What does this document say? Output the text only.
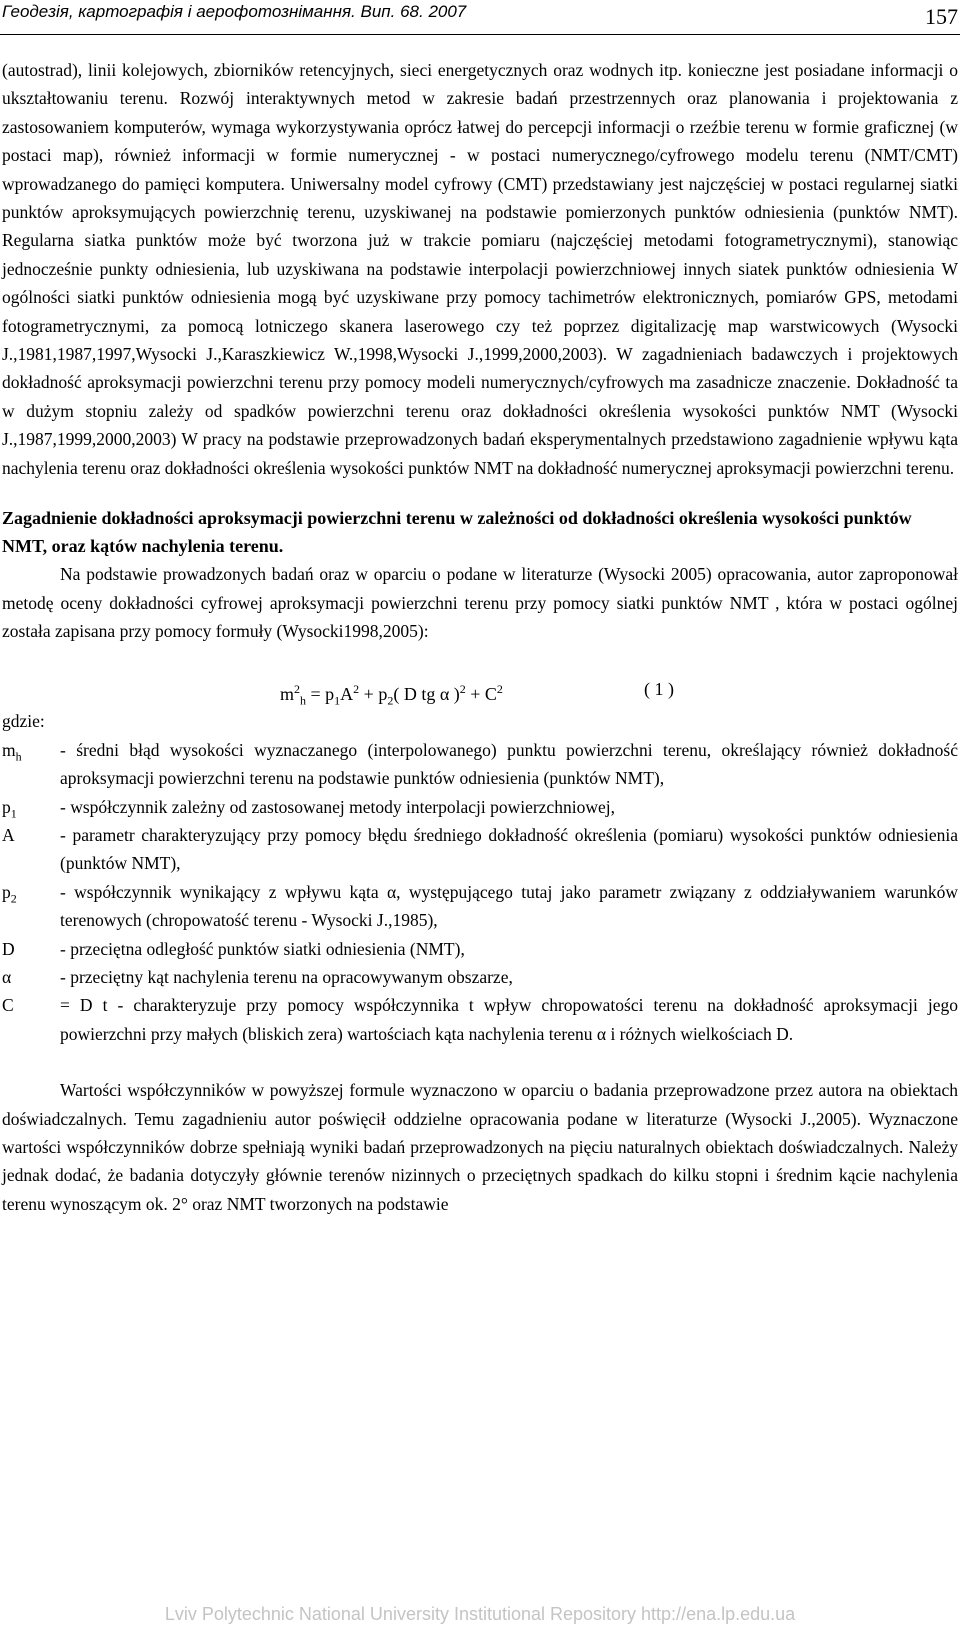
Геодезія, картографія і аерофотознімання. Вип. 68. 2007	157

(autostrad), linii kolejowych, zbiorników retencyjnych, sieci energetycznych oraz wodnych itp. konieczne jest posiadane informacji o ukształtowaniu terenu. Rozwój interaktywnych metod w zakresie badań przestrzennych oraz planowania i projektowania z zastosowaniem komputerów, wymaga wykorzystywania oprócz łatwej do percepcji informacji o rzeźbie terenu w formie graficznej (w postaci map), również informacji w formie numerycznej - w postaci numerycznego/cyfrowego modelu terenu (NMT/CMT) wprowadzanego do pamięci komputera. Uniwersalny model cyfrowy (CMT) przedstawiany jest najczęściej w postaci regularnej siatki punktów aproksymujących powierzchnię terenu, uzyskiwanej na podstawie pomierzonych punktów odniesienia (punktów NMT). Regularna siatka punktów może być tworzona już w trakcie pomiaru (najczęściej metodami fotogrametrycznymi), stanowiąc jednocześnie punkty odniesienia, lub uzyskiwana na podstawie interpolacji powierzchniowej innych siatek punktów odniesienia W ogólności siatki punktów odniesienia mogą być uzyskiwane przy pomocy tachimetrów elektronicznych, pomiarów GPS, metodami fotogrametrycznymi, za pomocą lotniczego skanera laserowego czy też poprzez digitalizację map warstwicowych (Wysocki J.,1981,1987,1997,Wysocki J.,Karaszkiewicz W.,1998,Wysocki J.,1999,2000,2003). W zagadnieniach badawczych i projektowych dokładność aproksymacji powierzchni terenu przy pomocy modeli numerycznych/cyfrowych ma zasadnicze znaczenie. Dokładność ta w dużym stopniu zależy od spadków powierzchni terenu oraz dokładności określenia wysokości punktów NMT (Wysocki J.,1987,1999,2000,2003) W pracy na podstawie przeprowadzonych badań eksperymentalnych przedstawiono zagadnienie wpływu kąta nachylenia terenu oraz dokładności określenia wysokości punktów NMT na dokładność numerycznej aproksymacji powierzchni terenu.

Zagadnienie dokładności aproksymacji powierzchni terenu w zależności od dokładności określenia wysokości punktów NMT, oraz kątów nachylenia terenu.

Na podstawie prowadzonych badań oraz w oparciu o podane w literaturze (Wysocki 2005) opracowania, autor zaproponował metodę oceny dokładności cyfrowej aproksymacji powierzchni terenu przy pomocy siatki punktów NMT , która w postaci ogólnej została zapisana przy pomocy formuły (Wysocki1998,2005):

$m^2_h = p_1A^2 + p_2$( D tg α )$^2 + C^2$	( 1 )
gdzie:
$m_h$ - średni błąd wysokości wyznaczanego (interpolowanego) punktu powierzchni terenu, określający również dokładność aproksymacji powierzchni terenu na podstawie punktów odniesienia (punktów NMT),
$p_1$ - współczynnik zależny od zastosowanej metody interpolacji powierzchniowej,
A	- parametr charakteryzujący przy pomocy błędu średniego dokładność określenia (pomiaru) wysokości punktów odniesienia (punktów NMT),
$p_2$ - współczynnik wynikający z wpływu kąta α, występującego tutaj jako parametr związany z oddziaływaniem warunków terenowych (chropowatość terenu - Wysocki J.,1985),
D	- przeciętna odległość punktów siatki odniesienia (NMT),
α	- przeciętny kąt nachylenia terenu na opracowywanym obszarze,
C	= D t - charakteryzuje przy pomocy współczynnika t wpływ chropowatości terenu na dokładność aproksymacji jego powierzchni przy małych (bliskich zera) wartościach kąta nachylenia terenu α i różnych wielkościach D.

Wartości współczynników w powyższej formule wyznaczono w oparciu o badania przeprowadzone przez autora na obiektach doświadczalnych. Temu zagadnieniu autor poświęcił oddzielne opracowania podane w literaturze (Wysocki J.,2005). Wyznaczone wartości współczynników dobrze spełniają wyniki badań przeprowadzonych na pięciu naturalnych obiektach doświadczalnych. Należy jednak dodać, że badania dotyczyły głównie terenów nizinnych o przeciętnych spadkach do kilku stopni i średnim kącie nachylenia terenu wynoszącym ok. 2° oraz NMT tworzonych na podstawie

Lviv Polytechnic National University Institutional Repository http://ena.lp.edu.ua
